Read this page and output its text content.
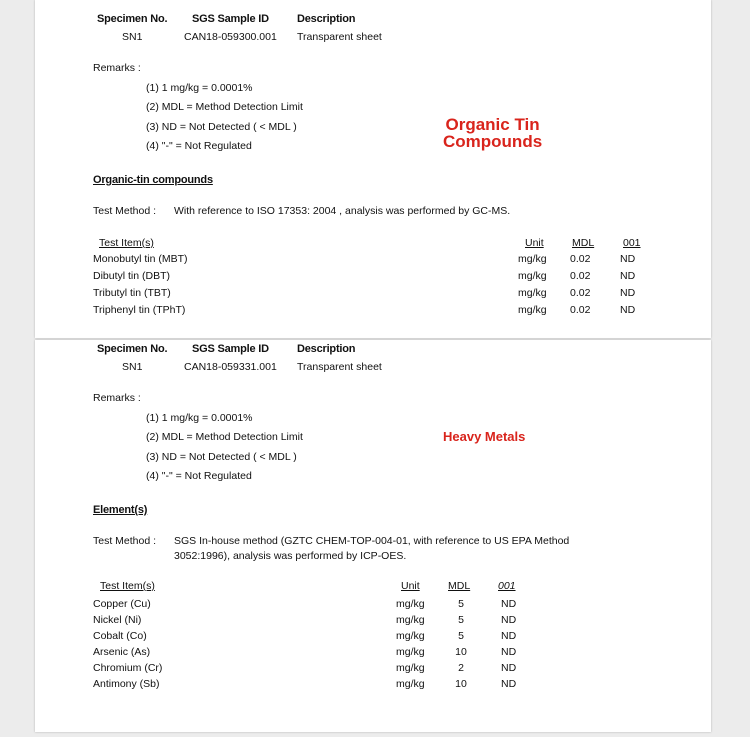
Specimen No. SGS Sample ID	Description
SN1	CAN18-059300.001 Transparent sheet
Remarks :
(1) 1 mg/kg = 0.0001%
(2) MDL = Method Detection Limit
(3) ND = Not Detected ( < MDL )
(4) "-" = Not Regulated
Organic Tin
Compounds
Organic-tin compounds
Test Method : With reference to ISO 17353: 2004 , analysis was performed by GC-MS.
Test Item(s)	Unit	MDL	001
Monobutyl tin (MBT)	mg/kg 0.02	ND
Dibutyl tin (DBT)	mg/kg 0.02	ND
Tributyl tin (TBT)	mg/kg 0.02	ND
Triphenyl tin (TPhT)	mg/kg 0.02	ND
Specimen No. SGS Sample ID	Description
SN1	CAN18-059331.001 Transparent sheet
Remarks :
(1) 1 mg/kg = 0.0001%
(2) MDL = Method Detection Limit
(3) ND = Not Detected ( < MDL )
(4) "-" = Not Regulated
Heavy Metals
Element(s)
Test Method : SGS In-house method (GZTC CHEM-TOP-004-01, with reference to US EPA Method
3052:1996), analysis was performed by ICP-OES.
Test Item(s)	Unit	MDL	001
Copper (Cu)	mg/kg	5	ND
Nickel (Ni)	mg/kg	5	ND
Cobalt (Co)	mg/kg	5	ND
Arsenic (As)	mg/kg	10	ND
Chromium (Cr)	mg/kg	2	ND
Antimony (Sb)	mg/kg	10	ND
